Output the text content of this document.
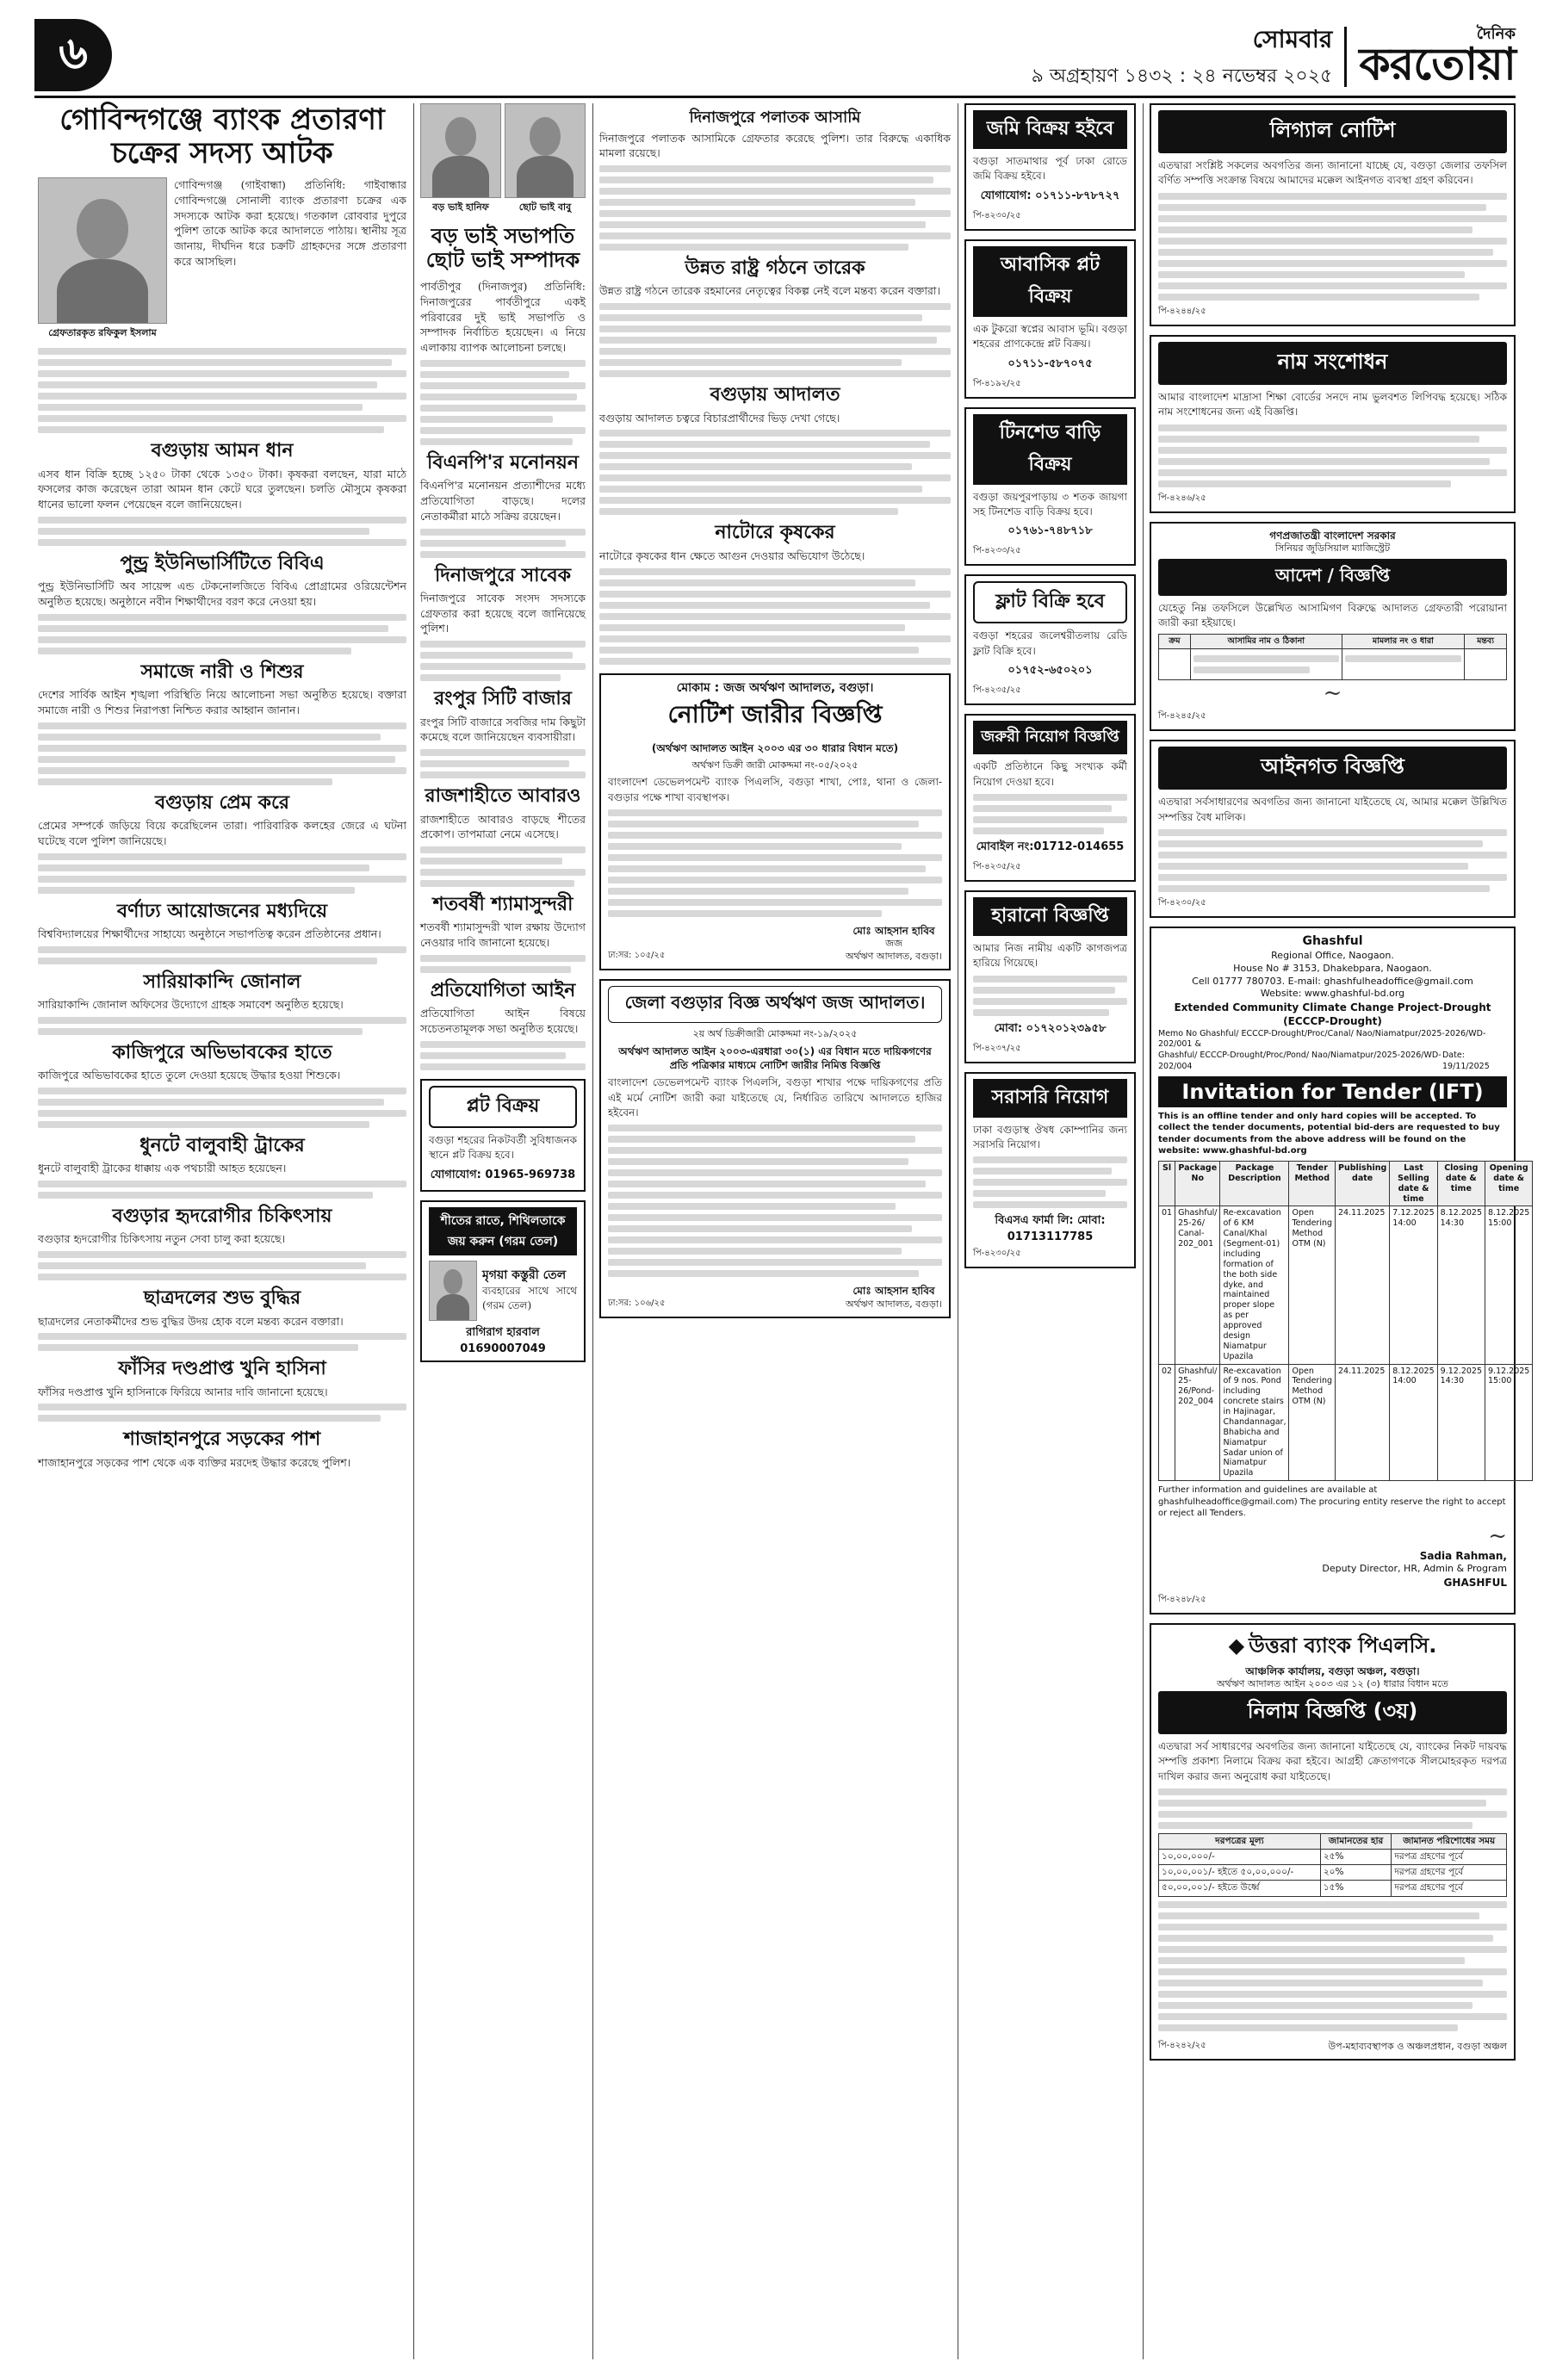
৬	সোমবার
৯ অগ্রহায়ণ ১৪৩২ : ২৪ নভেম্বর ২০২৫
দৈনিক
করতোয়া
গোবিন্দগঞ্জে ব্যাংক প্রতারণা চক্রের সদস্য আটক
গ্রেফতারকৃত রফিকুল ইসলাম

গোবিন্দগঞ্জ (গাইবান্ধা) প্রতিনিধি: গাইবান্ধার গোবিন্দগঞ্জে সোনালী ব্যাংক প্রতারণা চক্রের এক সদস্যকে আটক করা হয়েছে। গতকাল রোববার দুপুরে পুলিশ তাকে আটক করে আদালতে পাঠায়। স্থানীয় সূত্র জানায়, দীর্ঘদিন ধরে চক্রটি গ্রাহকদের সঙ্গে প্রতারণা করে আসছিল।

বগুড়ায় আমন ধান

এসব ধান বিক্রি হচ্ছে ১২৫০ টাকা থেকে ১৩৫০ টাকা। কৃষকরা বলছেন, যারা মাঠে ফসলের কাজ করেছেন তারা আমন ধান কেটে ঘরে তুলছেন। চলতি মৌসুমে কৃষকরা ধানের ভালো ফলন পেয়েছেন বলে জানিয়েছেন।

পুন্ড্র ইউনিভার্সিটিতে বিবিএ

পুন্ড্র ইউনিভার্সিটি অব সায়েন্স এন্ড টেকনোলজিতে বিবিএ প্রোগ্রামের ওরিয়েন্টেশন অনুষ্ঠিত হয়েছে। অনুষ্ঠানে নবীন শিক্ষার্থীদের বরণ করে নেওয়া হয়।

সমাজে নারী ও শিশুর

দেশের সার্বিক আইন শৃঙ্খলা পরিস্থিতি নিয়ে আলোচনা সভা অনুষ্ঠিত হয়েছে। বক্তারা সমাজে নারী ও শিশুর নিরাপত্তা নিশ্চিত করার আহ্বান জানান।

বগুড়ায় প্রেম করে

প্রেমের সম্পর্কে জড়িয়ে বিয়ে করেছিলেন তারা। পারিবারিক কলহের জেরে এ ঘটনা ঘটেছে বলে পুলিশ জানিয়েছে।

বর্ণাঢ্য আয়োজনের মধ্যদিয়ে

বিশ্ববিদ্যালয়ের শিক্ষার্থীদের সাহায্যে অনুষ্ঠানে সভাপতিত্ব করেন প্রতিষ্ঠানের প্রধান।

সারিয়াকান্দি জোনাল

সারিয়াকান্দি জোনাল অফিসের উদ্যোগে গ্রাহক সমাবেশ অনুষ্ঠিত হয়েছে।

কাজিপুরে অভিভাবকের হাতে

কাজিপুরে অভিভাবকের হাতে তুলে দেওয়া হয়েছে উদ্ধার হওয়া শিশুকে।

ধুনটে বালুবাহী ট্রাকের

ধুনটে বালুবাহী ট্রাকের ধাক্কায় এক পথচারী আহত হয়েছেন।

বগুড়ার হৃদরোগীর চিকিৎসায়

বগুড়ার হৃদরোগীর চিকিৎসায় নতুন সেবা চালু করা হয়েছে।

ছাত্রদলের শুভ বুদ্ধির

ছাত্রদলের নেতাকর্মীদের শুভ বুদ্ধির উদয় হোক বলে মন্তব্য করেন বক্তারা।

ফাঁসির দণ্ডপ্রাপ্ত খুনি হাসিনা

ফাঁসির দণ্ডপ্রাপ্ত খুনি হাসিনাকে ফিরিয়ে আনার দাবি জানানো হয়েছে।

শাজাহানপুরে সড়কের পাশ

শাজাহানপুরে সড়কের পাশ থেকে এক ব্যক্তির মরদেহ উদ্ধার করেছে পুলিশ।

বড় ভাই হানিফ	ছোট ভাই বাবু
বড় ভাই সভাপতি ছোট ভাই সম্পাদক

পার্বতীপুর (দিনাজপুর) প্রতিনিধি: দিনাজপুরের পার্বতীপুরে একই পরিবারের দুই ভাই সভাপতি ও সম্পাদক নির্বাচিত হয়েছেন। এ নিয়ে এলাকায় ব্যাপক আলোচনা চলছে।

বিএনপি'র মনোনয়ন

বিএনপি'র মনোনয়ন প্রত্যাশীদের মধ্যে প্রতিযোগিতা বাড়ছে। দলের নেতাকর্মীরা মাঠে সক্রিয় রয়েছেন।

দিনাজপুরে সাবেক

দিনাজপুরে সাবেক সংসদ সদস্যকে গ্রেফতার করা হয়েছে বলে জানিয়েছে পুলিশ।

রংপুর সিটি বাজার

রংপুর সিটি বাজারে সবজির দাম কিছুটা কমেছে বলে জানিয়েছেন ব্যবসায়ীরা।

রাজশাহীতে আবারও

রাজশাহীতে আবারও বাড়ছে শীতের প্রকোপ। তাপমাত্রা নেমে এসেছে।

শতবর্ষী শ্যামাসুন্দরী

শতবর্ষী শ্যামাসুন্দরী খাল রক্ষায় উদ্যোগ নেওয়ার দাবি জানানো হয়েছে।

প্রতিযোগিতা আইন

প্রতিযোগিতা আইন বিষয়ে সচেতনতামূলক সভা অনুষ্ঠিত হয়েছে।

প্লট বিক্রয়
বগুড়া শহরের নিকটবর্তী সুবিধাজনক স্থানে প্লট বিক্রয় হবে।
যোগাযোগ: 01965-969738
শীতের রাতে, শিথিলতাকে জয় করুন (গরম তেল)
মৃগয়া কস্তুরী তেল
ব্যবহারের সাথে সাথে (গরম তেল)
রাগিরাগ হারবাল 01690007049
দিনাজপুরে পলাতক আসামি

দিনাজপুরে পলাতক আসামিকে গ্রেফতার করেছে পুলিশ। তার বিরুদ্ধে একাধিক মামলা রয়েছে।

উন্নত রাষ্ট্র গঠনে তারেক

উন্নত রাষ্ট্র গঠনে তারেক রহমানের নেতৃত্বের বিকল্প নেই বলে মন্তব্য করেন বক্তারা।

বগুড়ায় আদালত

বগুড়ায় আদালত চত্বরে বিচারপ্রার্থীদের ভিড় দেখা গেছে।

নাটোরে কৃষকের

নাটোরে কৃষকের ধান ক্ষেতে আগুন দেওয়ার অভিযোগ উঠেছে।

মোকাম : জজ অর্থঋণ আদালত, বগুড়া।
নোটিশ জারীর বিজ্ঞপ্তি
(অর্থঋণ আদালত আইন ২০০৩ এর ৩০ ধারার বিধান মতে)
অর্থঋণ ডিক্রী জারী মোকদ্দমা নং-০৫/২০২৫
বাংলাদেশ ডেভেলপমেন্ট ব্যাংক পিএলসি, বগুড়া শাখা, পোঃ, থানা ও জেলা-বগুড়ার পক্ষে শাখা ব্যবস্থাপক।
ঢা:সর: ১০৫/২৫
মোঃ আহসান হাবিব
জজ
অর্থঋণ আদালত, বগুড়া।
জেলা বগুড়ার বিজ্ঞ অর্থঋণ জজ আদালত।
২য় অর্থ ডিক্রীজারী মোকদ্দমা নং-১৯/২০২৫
অর্থঋণ আদালত আইন ২০০৩-এরধারা ৩০(১) এর বিধান মতে দায়িকগণের প্রতি পত্রিকার মাধ্যমে নোটিশ জারীর নিমিত্ত বিজ্ঞপ্তি
বাংলাদেশ ডেভেলপমেন্ট ব্যাংক পিএলসি, বগুড়া শাখার পক্ষে দায়িকগণের প্রতি এই মর্মে নোটিশ জারী করা যাইতেছে যে, নির্ধারিত তারিখে আদালতে হাজির হইবেন।
ঢা:সর: ১০৬/২৫
মোঃ আহসান হাবিব
অর্থঋণ আদালত, বগুড়া।
জমি বিক্রয় হইবে
বগুড়া সাতমাথার পূর্ব ঢাকা রোডে জমি বিক্রয় হইবে।
যোগাযোগ: ০১৭১১-৮৭৮৭২৭
পি-৪২৩০/২৫
আবাসিক প্লট বিক্রয়
এক টুকরো স্বপ্নের আবাস ভূমি। বগুড়া শহরের প্রাণকেন্দ্রে প্লট বিক্রয়।
০১৭১১-৫৮৭০৭৫
পি-৪১৯২/২৫
টিনশেড বাড়ি বিক্রয়
বগুড়া জয়পুরপাড়ায় ৩ শতক জায়গা সহ টিনশেড বাড়ি বিক্রয় হবে।
০১৭৬১-৭৪৮৭১৮
পি-৪২৩৩/২৫
ফ্লাট বিক্রি হবে
বগুড়া শহরের জলেশ্বরীতলায় রেডি ফ্লাট বিক্রি হবে।
০১৭৫২-৬৫০২০১
পি-৪২৩৫/২৫
জরুরী নিয়োগ বিজ্ঞপ্তি
একটি প্রতিষ্ঠানে কিছু সংখ্যক কর্মী নিয়োগ দেওয়া হবে।
মোবাইল নং:01712-014655
পি-৪২৩৫/২৫
হারানো বিজ্ঞপ্তি
আমার নিজ নামীয় একটি কাগজপত্র হারিয়ে গিয়েছে।
মোবা: ০১৭২০১২৩৯৫৮
পি-৪২৩৭/২৫
সরাসরি নিয়োগ
ঢাকা বগুড়াস্থ ঔষধ কোম্পানির জন্য সরাসরি নিয়োগ।
বিএসএ ফার্মা লি: মোবা: 01713117785
পি-৪২৩০/২৫
লিগ্যাল নোটিশ
এতদ্বারা সংশ্লিষ্ট সকলের অবগতির জন্য জানানো যাচ্ছে যে, বগুড়া জেলার তফসিল বর্ণিত সম্পত্তি সংক্রান্ত বিষয়ে আমাদের মক্কেল আইনগত ব্যবস্থা গ্রহণ করিবেন।
পি-৪২৪৪/২৫
নাম সংশোধন
আমার বাংলাদেশ মাদ্রাসা শিক্ষা বোর্ডের সনদে নাম ভুলবশত লিপিবদ্ধ হয়েছে। সঠিক নাম সংশোধনের জন্য এই বিজ্ঞপ্তি।
পি-৪২৪৬/২৫
গণপ্রজাতন্ত্রী বাংলাদেশ সরকার
সিনিয়র জুডিসিয়াল ম্যাজিস্ট্রেট
আদেশ / বিজ্ঞপ্তি
যেহেতু নিম্ন তফসিলে উল্লেখিত আসামিগণ বিরুদ্ধে আদালত গ্রেফতারী পরোয়ানা জারী করা হইয়াছে।
ক্রম	আসামির নাম ও ঠিকানা	মামলার নং ও ধারা	মন্তব্য

~
পি-৪২৪৫/২৫
আইনগত বিজ্ঞপ্তি
এতদ্বারা সর্বসাধারণের অবগতির জন্য জানানো যাইতেছে যে, আমার মক্কেল উল্লিখিত সম্পত্তির বৈধ মালিক।
পি-৪২৩০/২৫
Ghashful
Regional Office, Naogaon.
House No # 3153, Dhakebpara, Naogaon.
Cell 01777 780703. E-mail: ghashfulheadoffice@gmail.com
Website: www.ghashful-bd.org
Extended Community Climate Change Project-Drought (ECCCP-Drought)
Memo No Ghashful/ ECCCP-Drought/Proc/Canal/ Nao/Niamatpur/2025-2026/WD-202/001 &
Ghashful/ ECCCP-Drought/Proc/Pond/ Nao/Niamatpur/2025-2026/WD-202/004
Date: 19/11/2025
Invitation for Tender (IFT)
This is an offline tender and only hard copies will be accepted. To collect the tender documents, potential bid-ders are requested to buy tender documents from the above address will be found on the website: www.ghashful-bd.org
Sl	Package No	Package Description	Tender Method	Publishing date	Last Selling date & time	Closing date & time	Opening date & time
01	Ghashful/ 25-26/ Canal-202_001	Re-excavation of 6 KM Canal/Khal (Segment-01) including formation of the both side dyke, and maintained proper slope as per approved design Niamatpur Upazila	Open Tendering Method OTM (N)	24.11.2025	7.12.2025 14:00	8.12.2025 14:30	8.12.2025 15:00
02	Ghashful/ 25-26/Pond-202_004	Re-excavation of 9 nos. Pond including concrete stairs in Hajinagar, Chandannagar, Bhabicha and Niamatpur Sadar union of Niamatpur Upazila	Open Tendering Method OTM (N)	24.11.2025	8.12.2025 14:00	9.12.2025 14:30	9.12.2025 15:00
Further information and guidelines are available at ghashfulheadoffice@gmail.com) The procuring entity reserve the right to accept or reject all Tenders.
~
Sadia Rahman,
Deputy Director, HR, Admin & Program
GHASHFUL
পি-৪২৪৮/২৫
◆ উত্তরা ব্যাংক পিএলসি.
আঞ্চলিক কার্যালয়, বগুড়া অঞ্চল, বগুড়া।
অর্থঋণ আদালত আইন ২০০৩ এর ১২ (৩) ধারার বিধান মতে
নিলাম বিজ্ঞপ্তি (৩য়)
এতদ্বারা সর্ব সাধারণের অবগতির জন্য জানানো যাইতেছে যে, ব্যাংকের নিকট দায়বদ্ধ সম্পত্তি প্রকাশ্য নিলামে বিক্রয় করা হইবে। আগ্রহী ক্রেতাগণকে সীলমোহরকৃত দরপত্র দাখিল করার জন্য অনুরোধ করা যাইতেছে।
দরপত্রের মূল্য	জামানতের হার	জামানত পরিশোধের সময়
১০,০০,০০০/-	২৫%	দরপত্র গ্রহণের পূর্বে
১০,০০,০০১/- হইতে ৫০,০০,০০০/-	২০%	দরপত্র গ্রহণের পূর্বে
৫০,০০,০০১/- হইতে উর্ধ্বে	১৫%	দরপত্র গ্রহণের পূর্বে
পি-৪২৪২/২৫	উপ-মহাব্যবস্থাপক ও অঞ্চলপ্রধান, বগুড়া অঞ্চল
